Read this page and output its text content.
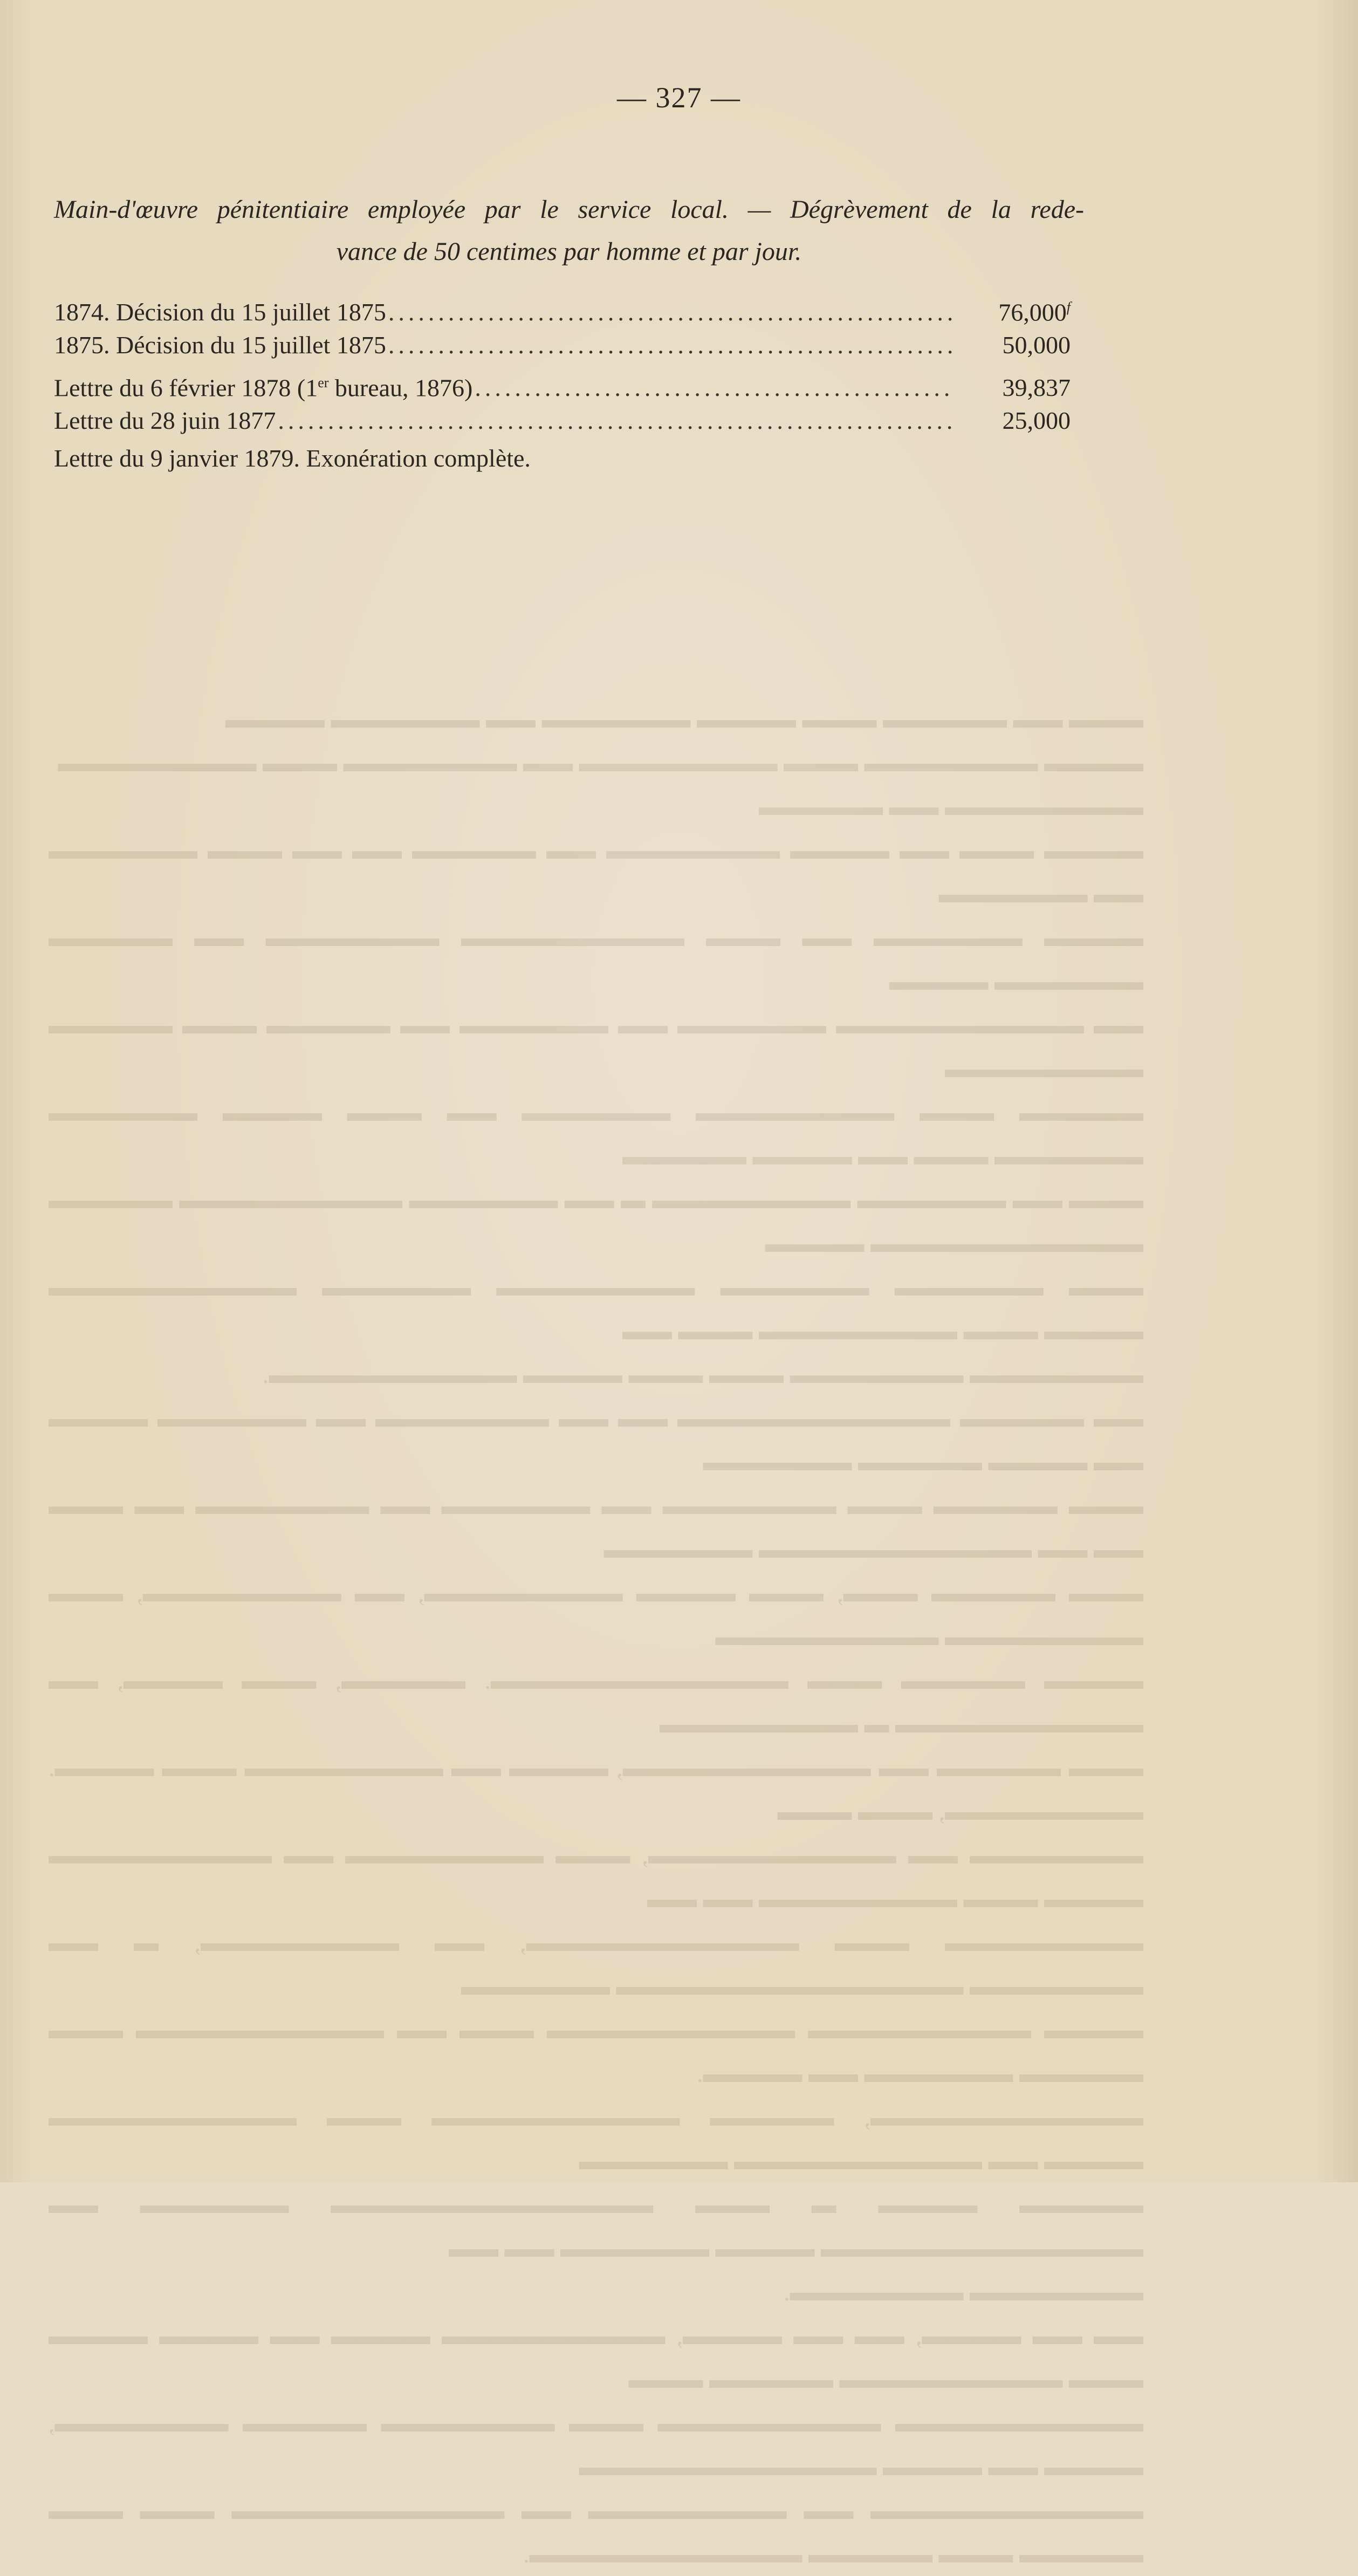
▬▬▬▬▬ ▬▬▬▬ ▬ ▬▬▬ ▬▬▬▬▬▬▬▬▬▬▬▬▬ ▬▬▬▬▬▬ ▬▬ ▬▬▬▬▬▬▬▬▬▬▬▬▬ ▬▬▬▬ ▬▬▬▬▬▬ ▬▬ ▬▬

▬▬▬▬▬▬▬ ▬▬▬▬▬▬▬.

▬▬ ▬▬ ▬▬▬▬, ▬▬ ▬▬ ▬▬▬▬, ▬▬▬▬▬▬▬▬▬ ▬▬▬▬ ▬▬ ▬▬▬▬ ▬▬▬▬ ▬▬▬ ▬▬▬▬▬▬▬▬▬ ▬▬▬▬▬ ▬▬▬

▬▬▬▬▬▬▬▬▬▬ ▬▬▬▬▬▬▬▬▬ ▬▬▬ ▬▬▬▬▬▬▬ ▬▬▬▬▬ ▬▬▬▬▬▬▬, ▬▬▬▬ ▬▬ ▬▬▬▬ ▬▬▬▬▬▬▬▬▬▬▬▬

▬▬▬▬▬▬▬▬▬▬▬ ▬▬ ▬▬▬▬▬▬▬▬ ▬▬ ▬▬▬▬▬▬▬▬▬▬▬ ▬▬▬ ▬▬▬ ▬▬▬▬▬ ▬▬▬ ▬▬▬▬▬ ▬▬▬▬▬▬▬▬▬▬▬.

— 327 —
Main-d'œuvre pénitentiaire employée par le service local. — Dégrèvement de la rede-
vance de 50 centimes par homme et par jour.
1874. Décision du 15 juillet 1875 .....	76,000$^f$
1875. Décision du 15 juillet 1875 .....	50,000
Lettre du 6 février 1878 (1er bureau, 1876) .....	39,837
Lettre du 28 juin 1877 .....	25,000
Lettre du 9 janvier 1879. Exonération complète.
